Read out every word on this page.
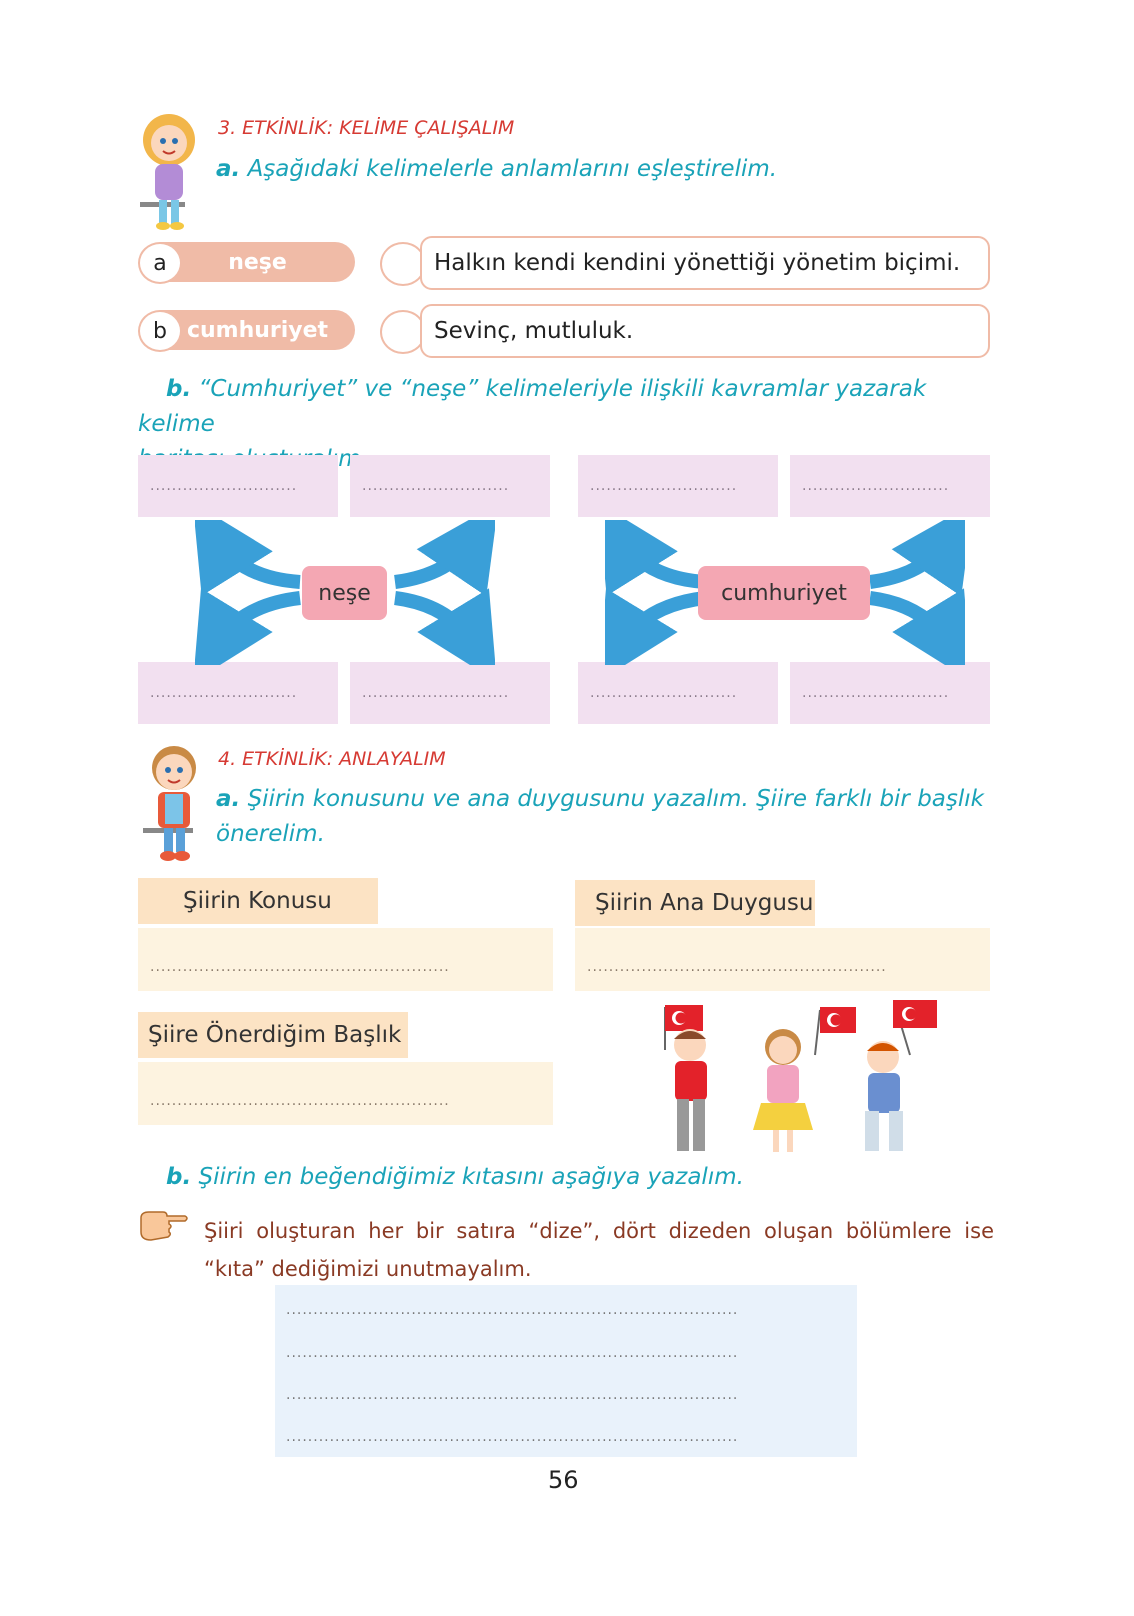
3. ETKİNLİK: KELİME ÇALIŞALIM
a. Aşağıdaki kelimelerle anlamlarını eşleştirelim.
neşe
a	Halkın kendi kendini yönettiği yönetim biçimi.
cumhuriyet
b	Sevinç, mutluluk.
b. “Cumhuriyet” ve “neşe” kelimeleriyle ilişkili kavramlar yazarak kelime

...........................	...........................	...........................	...........................
...........................	...........................	...........................	...........................
neşe	cumhuriyet
4. ETKİNLİK: ANLAYALIM
a. Şiirin konusunu ve ana duygusunu yazalım. Şiire farklı bir başlık
önerelim.
Şiirin Konusu
.......................................................
Şiirin Ana Duygusu
.......................................................
Şiire Önerdiğim Başlık
.......................................................
b. Şiirin en beğendiğimiz kıtasını aşağıya yazalım.
Şiiri oluşturan her bir satıra “dize”, dört dizeden oluşan bölümlere ise
“kıta” dediğimizi unutmayalım.
...................................................................................
...................................................................................
...................................................................................
...................................................................................
56
